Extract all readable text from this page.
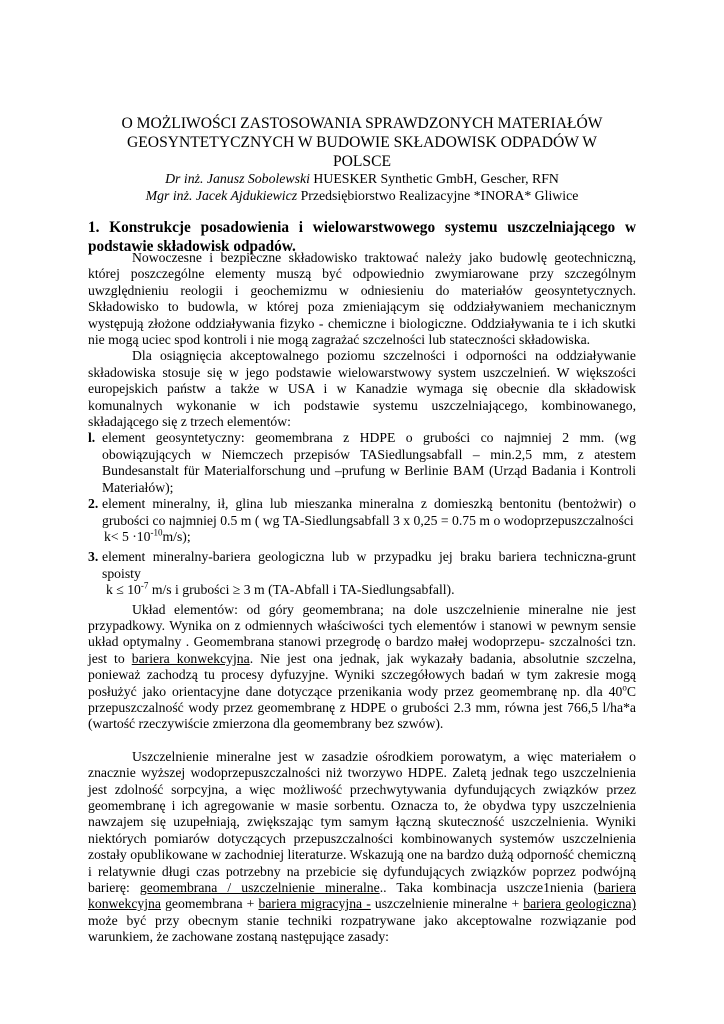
O MOŻLIWOŚCI ZASTOSOWANIA SPRAWDZONYCH MATERIAŁÓW
GEOSYNTETYCZNYCH W BUDOWIE SKŁADOWISK ODPADÓW W
POLSCE
Dr inż. Janusz Sobolewski HUESKER Synthetic GmbH, Gescher, RFN
Mgr inż. Jacek Ajdukiewicz Przedsiębiorstwo Realizacyjne *INORA* Gliwice
1. Konstrukcje posadowienia i wielowarstwowego systemu uszczelniającego w podstawie składowisk odpadów.

Nowoczesne i bezpieczne składowisko traktować należy jako budowlę geotechniczną, której poszczególne elementy muszą być odpowiednio zwymiarowane przy szczególnym uwzględnieniu reologii i geochemizmu w odniesieniu do materiałów geosyntetycznych. Składowisko to budowla, w której poza zmieniającym się oddziaływaniem mechanicznym występują złożone oddziaływania fizyko - chemiczne i biologiczne. Oddziaływania te i ich skutki nie mogą uciec spod kontroli i nie mogą zagrażać szczelności lub stateczności składowiska.

Dla osiągnięcia akceptowalnego poziomu szczelności i odporności na oddziaływanie składowiska stosuje się w jego podstawie wielowarstwowy system uszczelnień. W większości europejskich państw a także w USA i w Kanadzie wymaga się obecnie dla składowisk komunalnych wykonanie w ich podstawie systemu uszczelniającego, kombinowanego, składającego się z trzech elementów:

l. element geosyntetyczny: geomembrana z HDPE o grubości co najmniej 2 mm. (wg obowiązujących w Niemczech przepisów TASiedlungsabfall – min.2,5 mm, z atestem Bundesanstalt für Materialforschung und –prufung w Berlinie BAM (Urząd Badania i Kontroli Materiałów);
2. element mineralny, ił, glina lub mieszanka mineralna z domieszką bentonitu (bentożwir) o grubości co najmniej 0.5 m ( wg TA-Siedlungsabfall 3 x 0,25 = 0.75 m o wodoprzepuszczalności
$k< 5 \cdot 10^{-10}m/s$);
3. element mineralny-bariera geologiczna lub w przypadku jej braku bariera techniczna-grunt spoisty
$k \le 10^{-7}$ m/s i grubości ≥ 3 m (TA-Abfall i TA-Siedlungsabfall).

Układ elementów: od góry geomembrana; na dole uszczelnienie mineralne nie jest przypadkowy. Wynika on z odmiennych właściwości tych elementów i stanowi w pewnym sensie układ optymalny . Geomembrana stanowi przegrodę o bardzo małej wodoprzepu- szczalności tzn. jest to bariera konwekcyjna. Nie jest ona jednak, jak wykazały badania, absolutnie szczelna, ponieważ zachodzą tu procesy dyfuzyjne. Wyniki szczegółowych badań w tym zakresie mogą posłużyć jako orientacyjne dane dotyczące przenikania wody przez geomembranę np. dla 40$^o$C przepuszczalność wody przez geomembranę z HDPE o grubości 2.3 mm, równa jest 766,5 l/ha*a (wartość rzeczywiście zmierzona dla geomembrany bez szwów).

Uszczelnienie mineralne jest w zasadzie ośrodkiem porowatym, a więc materiałem o znacznie wyższej wodoprzepuszczalności niż tworzywo HDPE. Zaletą jednak tego uszczelnienia jest zdolność sorpcyjna, a więc możliwość przechwytywania dyfundujących związków przez geomembranę i ich agregowanie w masie sorbentu. Oznacza to, że obydwa typy uszczelnienia nawzajem się uzupełniają, zwiększając tym samym łączną skuteczność uszczelnienia. Wyniki niektórych pomiarów dotyczących przepuszczalności kombinowanych systemów uszczelnienia zostały opublikowane w zachodniej literaturze. Wskazują one na bardzo dużą odporność chemiczną i relatywnie długi czas potrzebny na przebicie się dyfundujących związków poprzez podwójną barierę: geomembrana / uszczelnienie mineralne.. Taka kombinacja uszcze1nienia (bariera konwekcyjna geomembrana + bariera migracyjna - uszczelnienie mineralne + bariera geologiczna) może być przy obecnym stanie techniki rozpatrywane jako akceptowalne rozwiązanie pod warunkiem, że zachowane zostaną następujące zasady:
